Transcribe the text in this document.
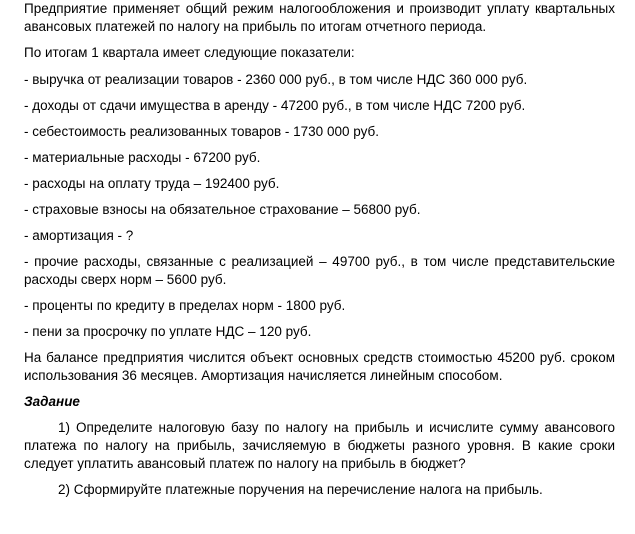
Предприятие применяет общий режим налогообложения и производит уплату квартальных авансовых платежей по налогу на прибыль по итогам отчетного периода.

По итогам 1 квартала имеет следующие показатели:

- выручка от реализации товаров - 2360 000 руб., в том числе НДС 360 000 руб.

- доходы от сдачи имущества в аренду - 47200 руб., в том числе НДС 7200 руб.

- себестоимость реализованных товаров - 1730 000 руб.

- материальные расходы - 67200 руб.

- расходы на оплату труда – 192400 руб.

- страховые взносы на обязательное страхование – 56800 руб.

- амортизация - ?

- прочие расходы, связанные с реализацией – 49700 руб., в том числе представительские расходы сверх норм – 5600 руб.

- проценты по кредиту в пределах норм - 1800 руб.

- пени за просрочку по уплате НДС – 120 руб.

На балансе предприятия числится объект основных средств стоимостью 45200 руб. сроком использования 36 месяцев. Амортизация начисляется линейным способом.

Задание

1) Определите налоговую базу по налогу на прибыль и исчислите сумму авансового платежа по налогу на прибыль, зачисляемую в бюджеты разного уровня. В какие сроки следует уплатить авансовый платеж по налогу на прибыль в бюджет?

2) Сформируйте платежные поручения на перечисление налога на прибыль.
